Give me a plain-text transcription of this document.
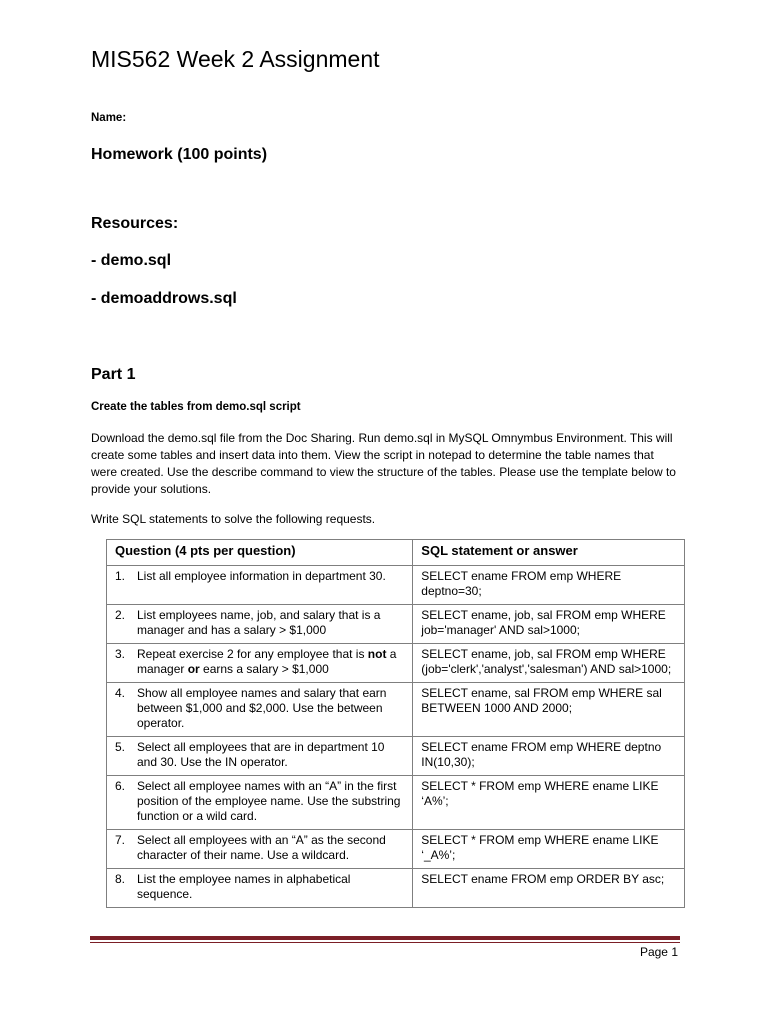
MIS562 Week 2 Assignment
Name:
Homework (100 points)
Resources:
- demo.sql
- demoaddrows.sql
Part 1
Create the tables from demo.sql script
Download the demo.sql file from the Doc Sharing. Run demo.sql in MySQL Omnymbus Environment. This will create some tables and insert data into them. View the script in notepad to determine the table names that were created. Use the describe command to view the structure of the tables. Please use the template below to provide your solutions.
Write SQL statements to solve the following requests.
Question (4 pts per question)	SQL statement or answer

1. List all employee information in department 30.	SELECT ename FROM emp WHERE deptno=30;

2. List employees name, job, and salary that is a manager and has a salary > $1,000	SELECT ename, job, sal FROM emp WHERE job='manager' AND sal>1000;

3. Repeat exercise 2 for any employee that is not a manager or earns a salary > $1,000	SELECT ename, job, sal FROM emp WHERE (job='clerk','analyst','salesman') AND sal>1000;

4. Show all employee names and salary that earn between $1,000 and $2,000. Use the between operator.	SELECT ename, sal FROM emp WHERE sal BETWEEN 1000 AND 2000;

5. Select all employees that are in department 10 and 30. Use the IN operator.	SELECT ename FROM emp WHERE deptno IN(10,30);

6. Select all employee names with an “A” in the first position of the employee name. Use the substring function or a wild card.	SELECT * FROM emp WHERE ename LIKE ‘A%’;

7. Select all employees with an “A” as the second character of their name. Use a wildcard.	SELECT * FROM emp WHERE ename LIKE ‘_A%’;

8. List the employee names in alphabetical sequence.	SELECT ename FROM emp ORDER BY asc;
Page 1
